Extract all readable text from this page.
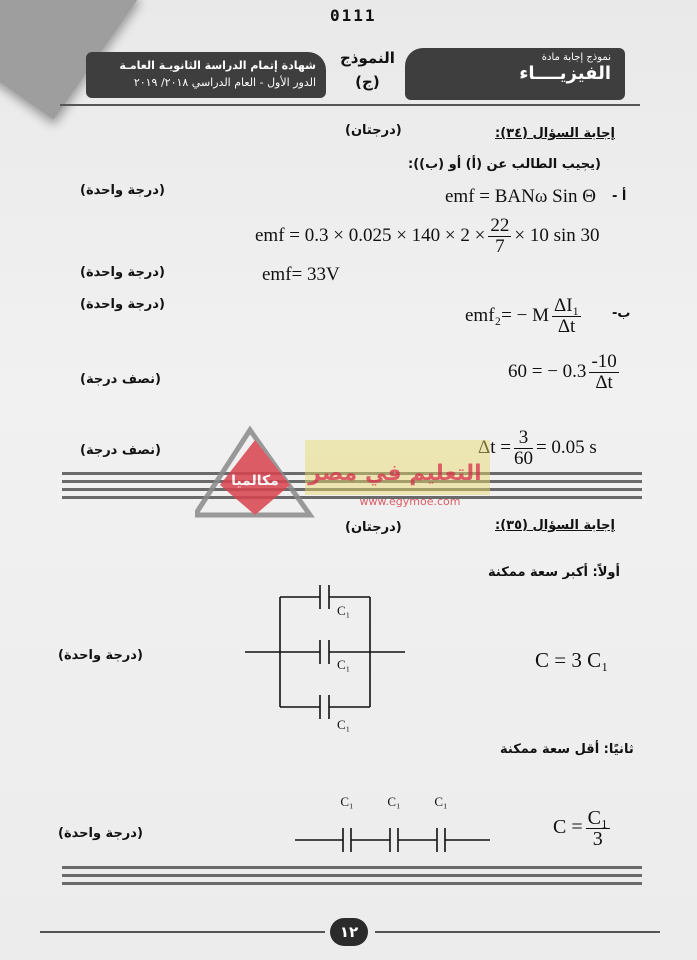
0111
شهادة إتمام الدراسة الثانويـة العامـة
الدور الأول - العام الدراسي ٢٠١٨/ ٢٠١٩
النموذج
(ج)
نموذج إجابة مادة
الفيزيــــاء
إجابة السؤال (٣٤):
(درجتان)
(يجيب الطالب عن (أ) أو (ب)):
(درجة واحدة)	emf = BANω Sin Θ أ -
emf = $0.3 \times 0.025 \times 140 \times 2 \times \frac{22}{7} \times 10$ sin 30
(درجة واحدة)	emf= 33V
(درجة واحدة)
ب-
emf₂= − M $\frac{\text{ΔI₁}}{\Delta t}$
(نصف درجة)	60 = − $0.3 \frac{-10}{\Delta t}$
(نصف درجة)	$\Delta t = \frac{3}{60} = 0.05$ s
مكالميا التعليم في مصر
www.egymoe.com
إجابة السؤال (٣٥):
(درجتان)
أولاً: أكبر سعة ممكنة
C₁
C₁
C₁
(درجة واحدة)	C = 3 C₁
ثانيًا: أقل سعة ممكنة
C₁	C₁	C₁
(درجة واحدة)	$C = \frac{\text{C₁}}{3}$
١٢
